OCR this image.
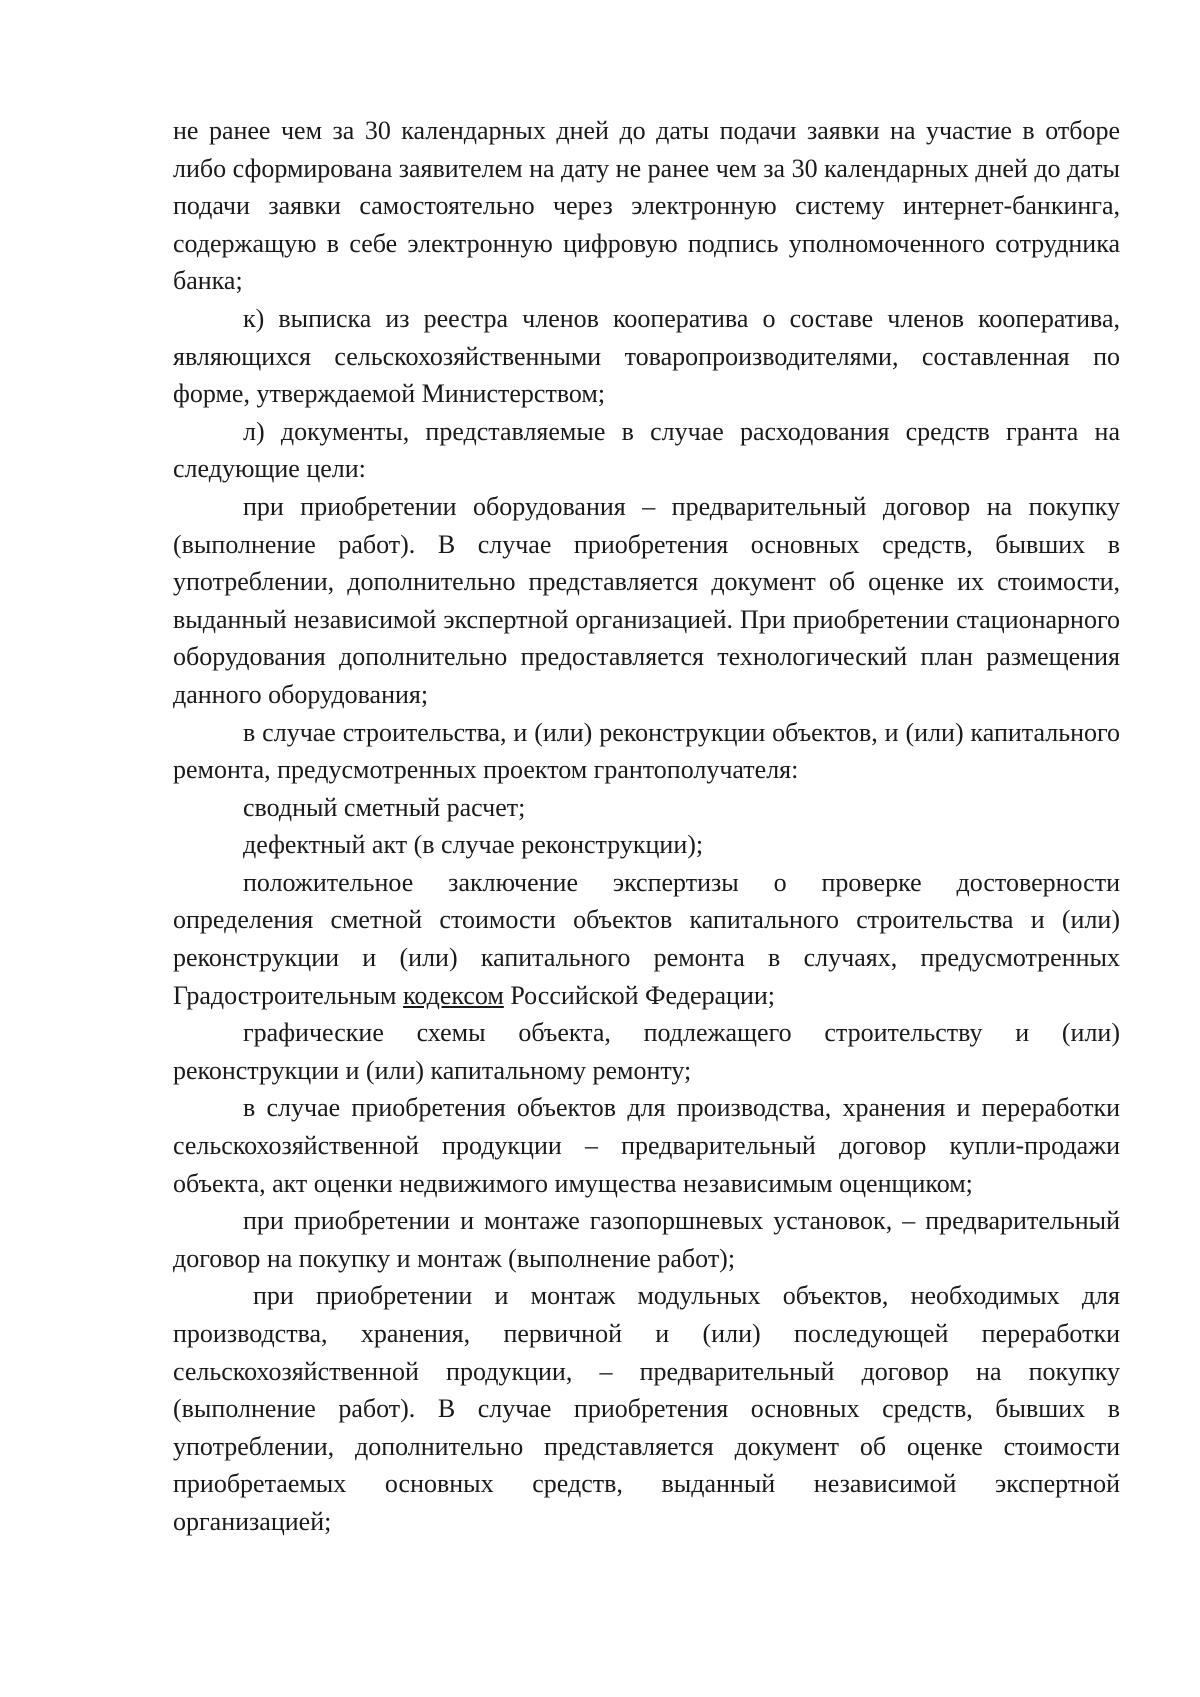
не ранее чем за 30 календарных дней до даты подачи заявки на участие в отборе либо сформирована заявителем на дату не ранее чем за 30 календарных дней до даты подачи заявки самостоятельно через электронную систему интернет-банкинга, содержащую в себе электронную цифровую подпись уполномоченного сотрудника банка;

к) выписка из реестра членов кооператива о составе членов кооператива, являющихся сельскохозяйственными товаропроизводителями, составленная по форме, утверждаемой Министерством;

л) документы, представляемые в случае расходования средств гранта на следующие цели:

при приобретении оборудования – предварительный договор на покупку (выполнение работ). В случае приобретения основных средств, бывших в употреблении, дополнительно представляется документ об оценке их стоимости, выданный независимой экспертной организацией. При приобретении стационарного оборудования дополнительно предоставляется технологический план размещения данного оборудования;

в случае строительства, и (или) реконструкции объектов, и (или) капитального ремонта, предусмотренных проектом грантополучателя:

сводный сметный расчет;

дефектный акт (в случае реконструкции);

положительное заключение экспертизы о проверке достоверности определения сметной стоимости объектов капитального строительства и (или) реконструкции и (или) капитального ремонта в случаях, предусмотренных Градостроительным кодексом Российской Федерации;

графические схемы объекта, подлежащего строительству и (или) реконструкции и (или) капитальному ремонту;

в случае приобретения объектов для производства, хранения и переработки сельскохозяйственной продукции – предварительный договор купли-продажи объекта, акт оценки недвижимого имущества независимым оценщиком;

при приобретении и монтаже газопоршневых установок, – предварительный договор на покупку и монтаж (выполнение работ);

при приобретении и монтаж модульных объектов, необходимых для производства, хранения, первичной и (или) последующей переработки сельскохозяйственной продукции, – предварительный договор на покупку (выполнение работ). В случае приобретения основных средств, бывших в употреблении, дополнительно представляется документ об оценке стоимости приобретаемых основных средств, выданный независимой экспертной организацией;
